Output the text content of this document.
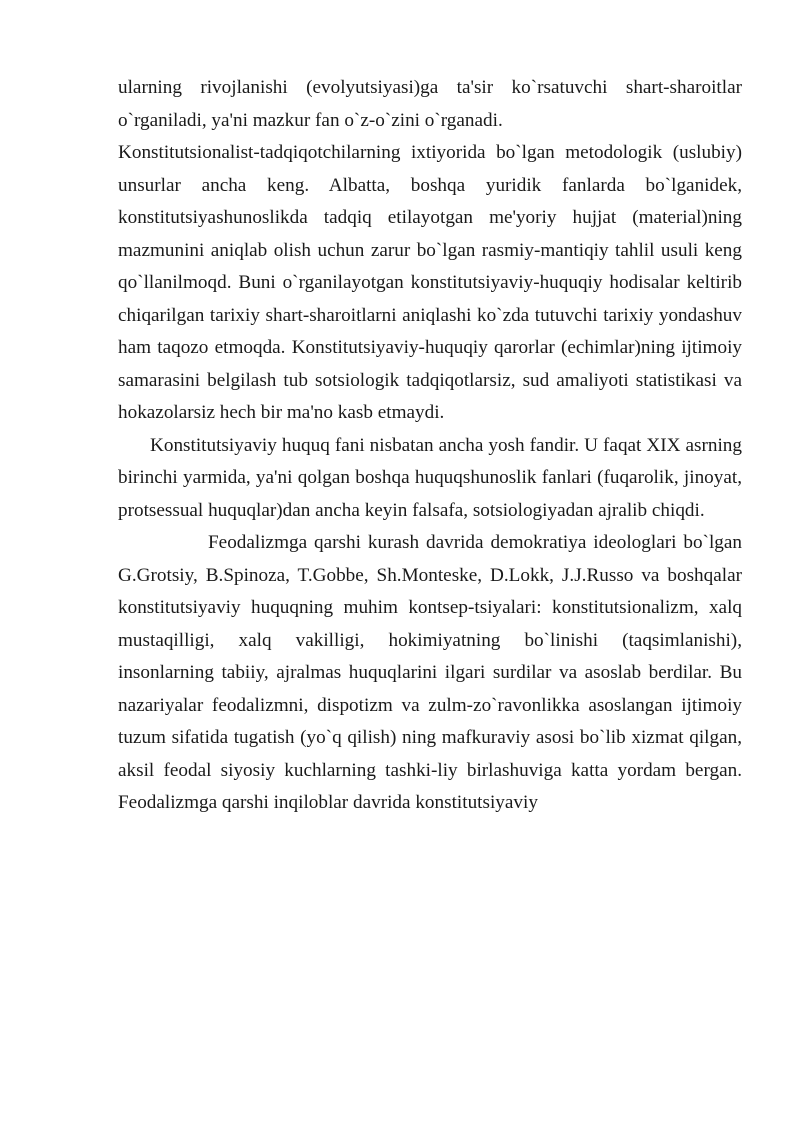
ularning rivojlanishi (evolyutsiyasi)ga ta'sir ko`rsatuvchi shart-sharoitlar o`rganiladi, ya'ni mazkur fan o`z-o`zini o`rganadi.

Konstitutsionalist-tadqiqotchilarning ixtiyorida bo`lgan metodologik (uslubiy) unsurlar ancha keng. Albatta, boshqa yuridik fanlarda bo`lganidek, konstitutsiyashunoslikda tadqiq etilayotgan me'yoriy hujjat (material)ning mazmunini aniqlab olish uchun zarur bo`lgan rasmiy-mantiqiy tahlil usuli keng qo`llanilmoqd. Buni o`rganilayotgan konstitutsiyaviy-huquqiy hodisalar keltirib chiqarilgan tarixiy shart-sharoitlarni aniqlashi ko`zda tutuvchi tarixiy yondashuv ham taqozo etmoqda. Konstitutsiyaviy-huquqiy qarorlar (echimlar)ning ijtimoiy samarasini belgilash tub sotsiologik tadqiqotlarsiz, sud amaliyoti statistikasi va hokazolarsiz hech bir ma'no kasb etmaydi.

Konstitutsiyaviy huquq fani nisbatan ancha yosh fandir. U faqat XIX asrning birinchi yarmida, ya'ni qolgan boshqa huquqshunoslik fanlari (fuqarolik, jinoyat, protsessual huquqlar)dan ancha keyin falsafa, sotsiologiyadan ajralib chiqdi.

Feodalizmga qarshi kurash davrida demokratiya ideologlari bo`lgan G.Grotsiy, B.Spinoza, T.Gobbe, Sh.Monteske, D.Lokk, J.J.Russo va boshqalar konstitutsiyaviy huquqning muhim kontsep-tsiyalari: konstitutsionalizm, xalq mustaqilligi, xalq vakilligi, hokimiyatning bo`linishi (taqsimlanishi), insonlarning tabiiy, ajralmas huquqlarini ilgari surdilar va asoslab berdilar. Bu nazariyalar feodalizmni, dispotizm va zulm-zo`ravonlikka asoslangan ijtimoiy tuzum sifatida tugatish (yo`q qilish) ning mafkuraviy asosi bo`lib xizmat qilgan, aksil feodal siyosiy kuchlarning tashki-liy birlashuviga katta yordam bergan. Feodalizmga qarshi inqiloblar davrida konstitutsiyaviy
